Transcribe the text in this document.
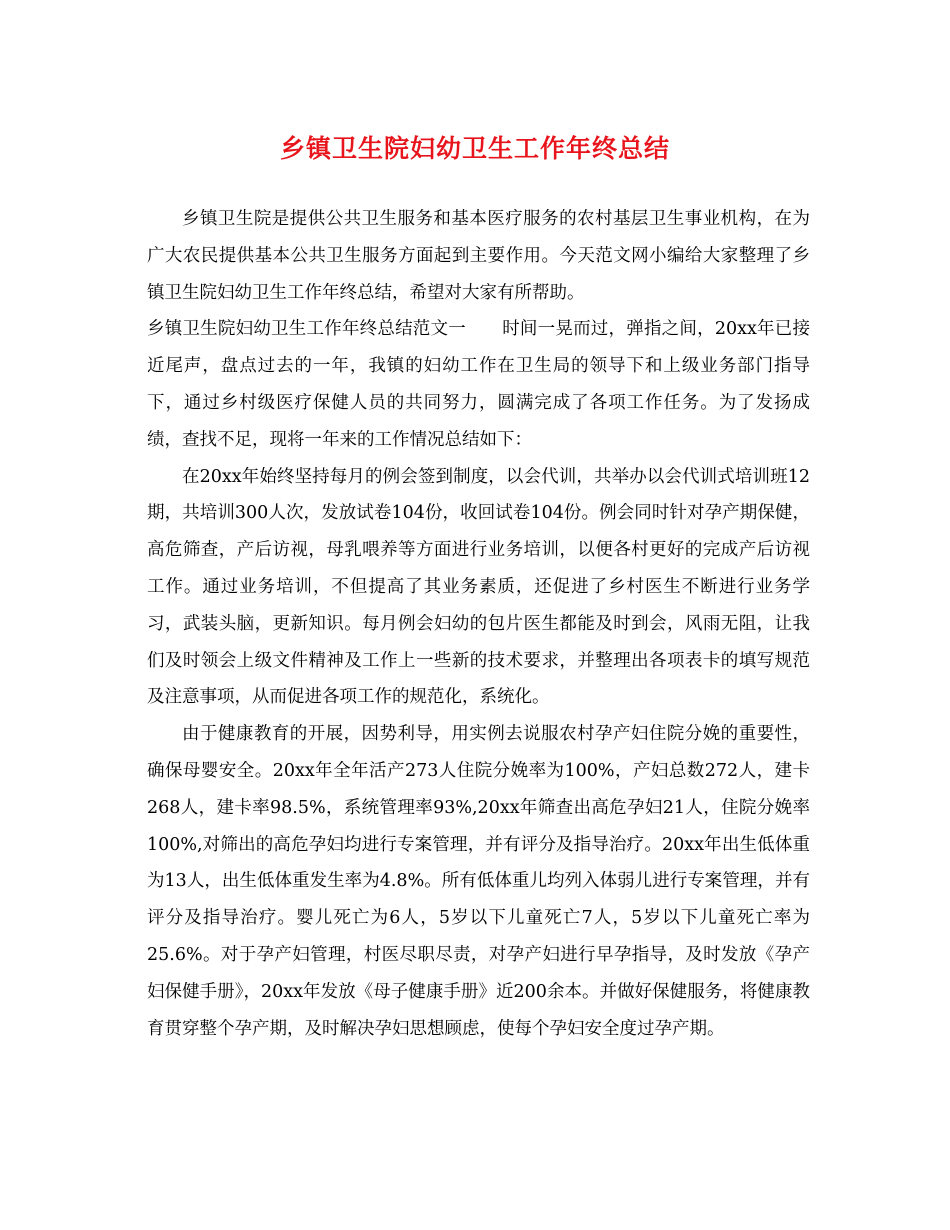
乡镇卫生院妇幼卫生工作年终总结

乡镇卫生院是提供公共卫生服务和基本医疗服务的农村基层卫生事业机构，在为广大农民提供基本公共卫生服务方面起到主要作用。今天范文网小编给大家整理了乡镇卫生院妇幼卫生工作年终总结，希望对大家有所帮助。

乡镇卫生院妇幼卫生工作年终总结范文一 时间一晃而过，弹指之间，20xx年已接近尾声，盘点过去的一年，我镇的妇幼工作在卫生局的领导下和上级业务部门指导下，通过乡村级医疗保健人员的共同努力，圆满完成了各项工作任务。为了发扬成绩，查找不足，现将一年来的工作情况总结如下：

在20xx年始终坚持每月的例会签到制度，以会代训，共举办以会代训式培训班12期，共培训300人次，发放试卷104份，收回试卷104份。例会同时针对孕产期保健，高危筛查，产后访视，母乳喂养等方面进行业务培训，以便各村更好的完成产后访视工作。通过业务培训，不但提高了其业务素质，还促进了乡村医生不断进行业务学习，武装头脑，更新知识。每月例会妇幼的包片医生都能及时到会，风雨无阻，让我们及时领会上级文件精神及工作上一些新的技术要求，并整理出各项表卡的填写规范及注意事项，从而促进各项工作的规范化，系统化。

由于健康教育的开展，因势利导，用实例去说服农村孕产妇住院分娩的重要性，确保母婴安全。20xx年全年活产273人住院分娩率为100%，产妇总数272人，建卡268人，建卡率98.5%，系统管理率93%,20xx年筛查出高危孕妇21人，住院分娩率100%,对筛出的高危孕妇均进行专案管理，并有评分及指导治疗。20xx年出生低体重为13人，出生低体重发生率为4.8%。所有低体重儿均列入体弱儿进行专案管理，并有评分及指导治疗。婴儿死亡为6人，5岁以下儿童死亡7人，5岁以下儿童死亡率为25.6%。对于孕产妇管理，村医尽职尽责，对孕产妇进行早孕指导，及时发放《孕产妇保健手册》，20xx年发放《母子健康手册》近200余本。并做好保健服务，将健康教育贯穿整个孕产期，及时解决孕妇思想顾虑，使每个孕妇安全度过孕产期。
